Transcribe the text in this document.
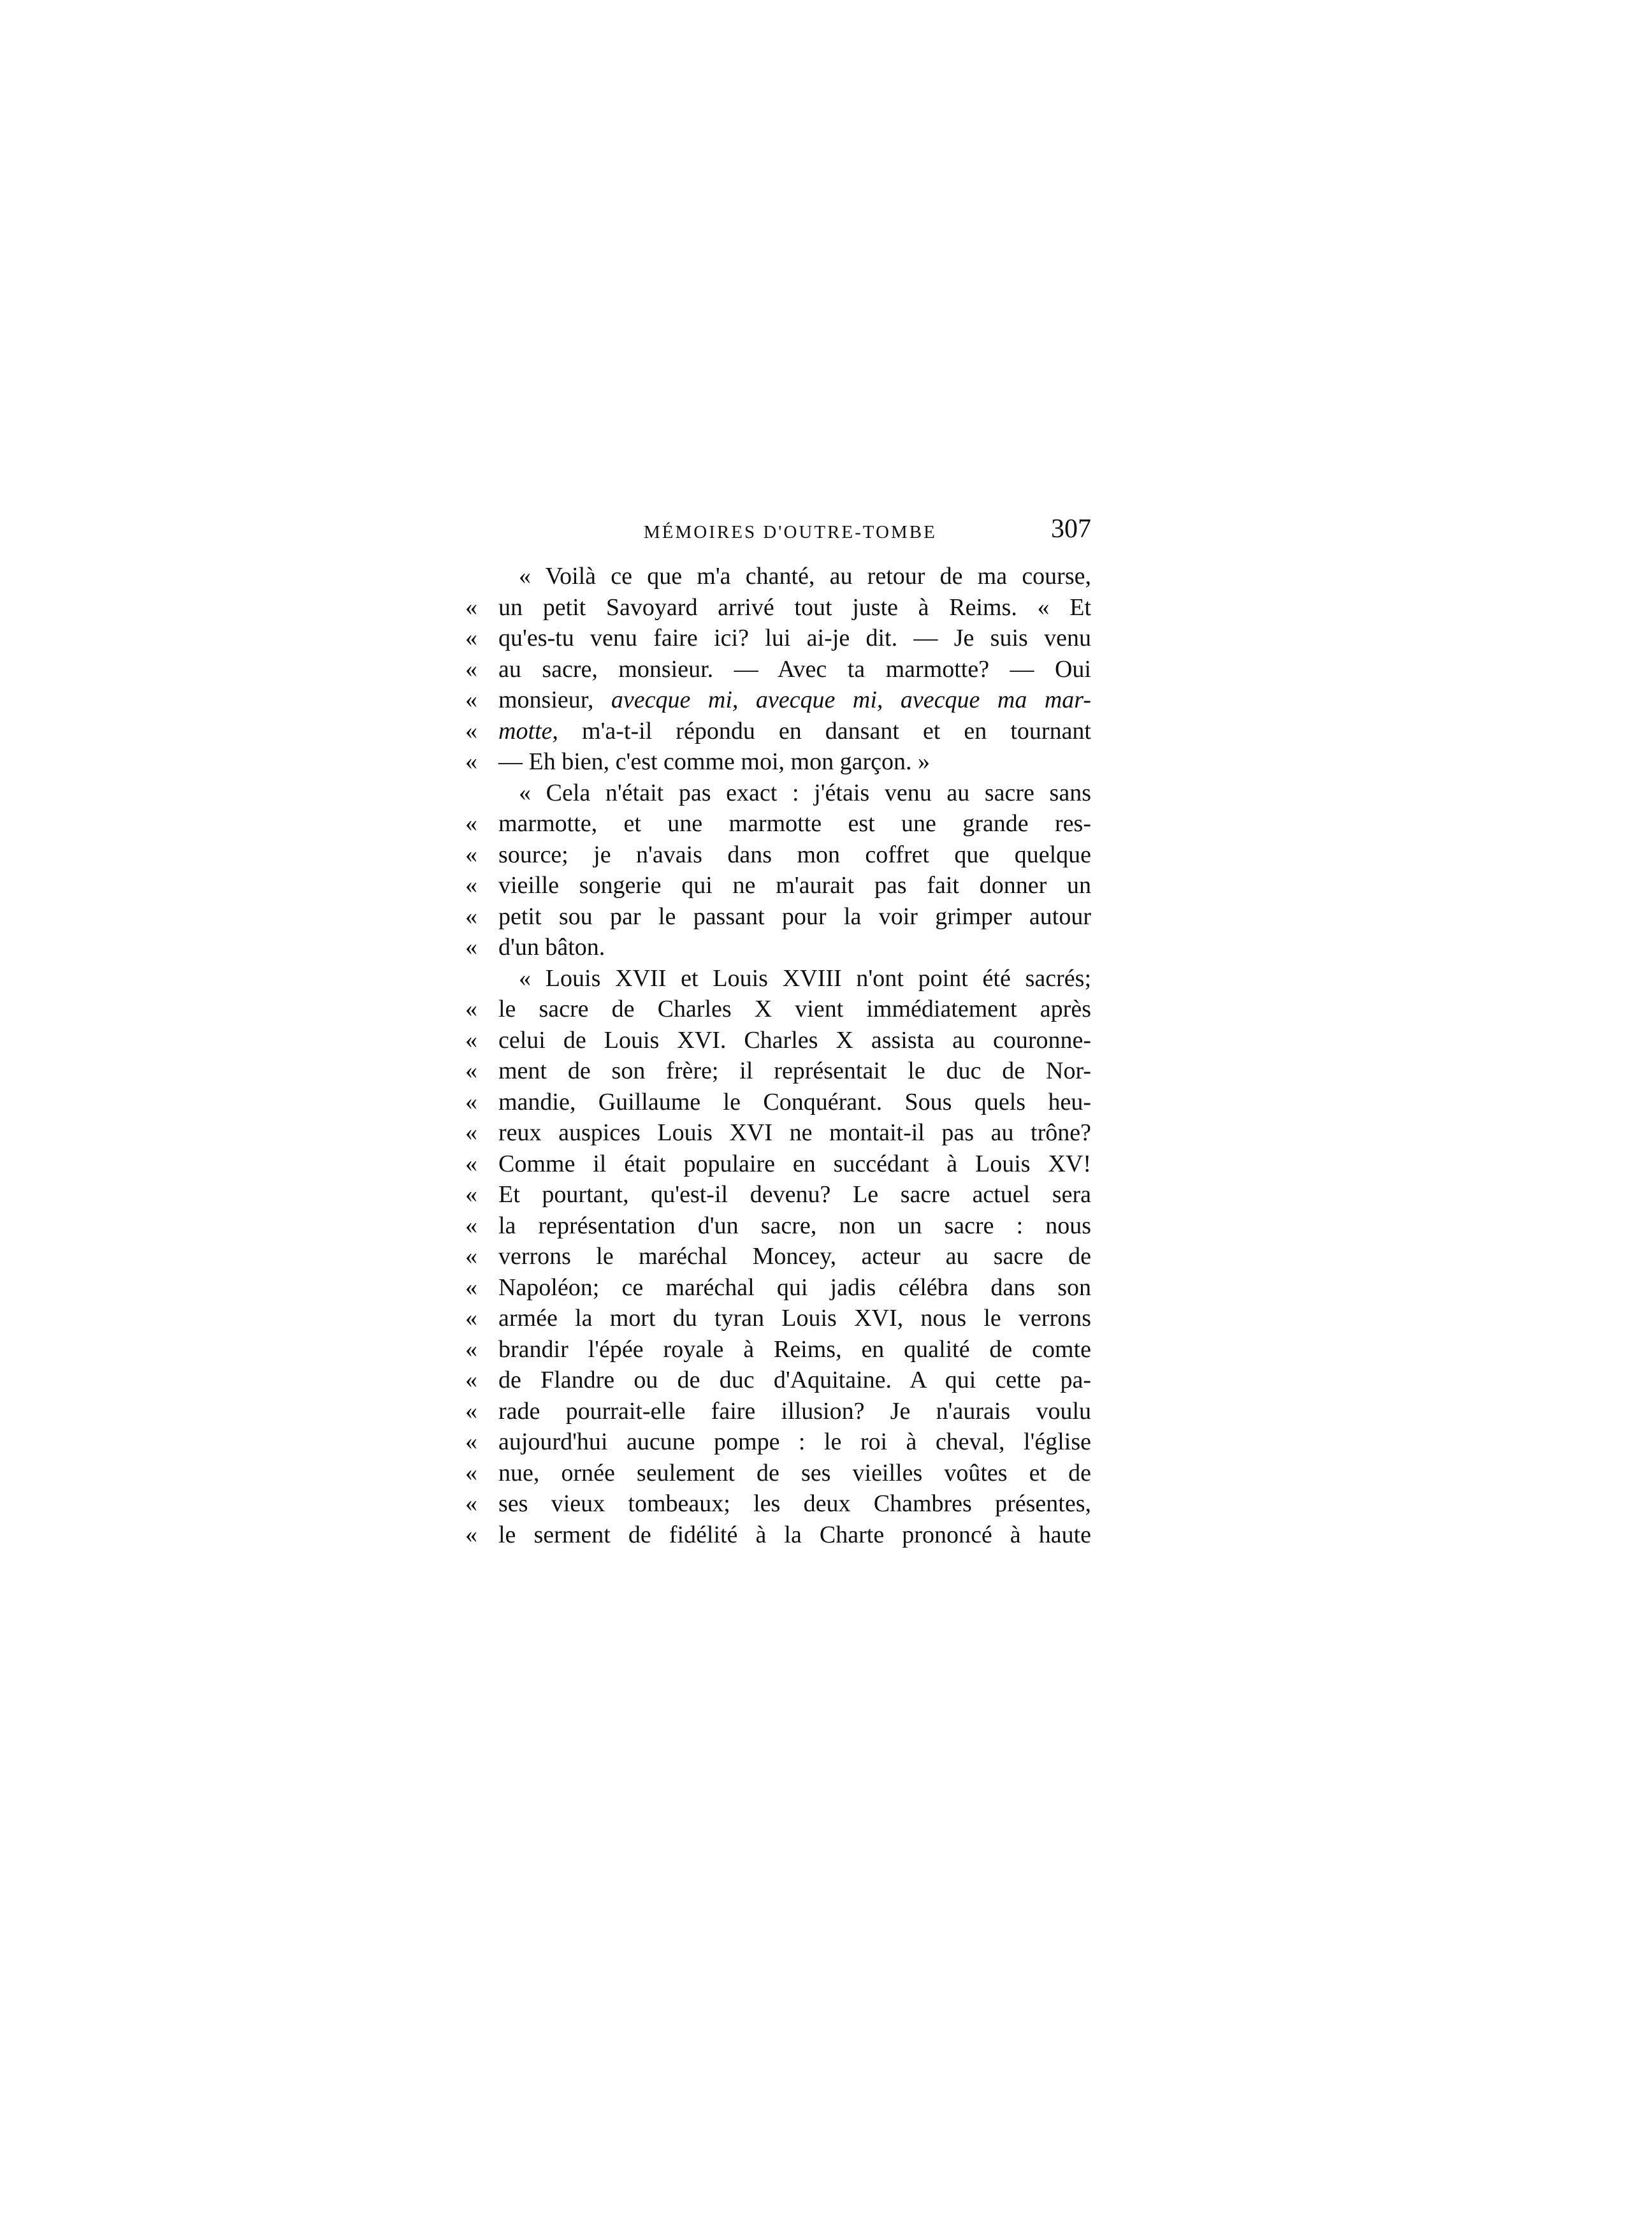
MÉMOIRES D'OUTRE-TOMBE	307
« Voilà ce que m'a chanté, au retour de ma course,
« un petit Savoyard arrivé tout juste à Reims. « Et
« qu'es-tu venu faire ici? lui ai-je dit. — Je suis venu
« au sacre, monsieur. — Avec ta marmotte? — Oui
« monsieur, avecque mi, avecque mi, avecque ma mar-
« motte, m'a-t-il répondu en dansant et en tournant
« — Eh bien, c'est comme moi, mon garçon. »
« Cela n'était pas exact : j'étais venu au sacre sans
« marmotte, et une marmotte est une grande res-
« source; je n'avais dans mon coffret que quelque
« vieille songerie qui ne m'aurait pas fait donner un
« petit sou par le passant pour la voir grimper autour
« d'un bâton.
« Louis XVII et Louis XVIII n'ont point été sacrés;
« le sacre de Charles X vient immédiatement après
« celui de Louis XVI. Charles X assista au couronne-
« ment de son frère; il représentait le duc de Nor-
« mandie, Guillaume le Conquérant. Sous quels heu-
« reux auspices Louis XVI ne montait-il pas au trône?
« Comme il était populaire en succédant à Louis XV!
« Et pourtant, qu'est-il devenu? Le sacre actuel sera
« la représentation d'un sacre, non un sacre : nous
« verrons le maréchal Moncey, acteur au sacre de
« Napoléon; ce maréchal qui jadis célébra dans son
« armée la mort du tyran Louis XVI, nous le verrons
« brandir l'épée royale à Reims, en qualité de comte
« de Flandre ou de duc d'Aquitaine. A qui cette pa-
« rade pourrait-elle faire illusion? Je n'aurais voulu
« aujourd'hui aucune pompe : le roi à cheval, l'église
« nue, ornée seulement de ses vieilles voûtes et de
« ses vieux tombeaux; les deux Chambres présentes,
« le serment de fidélité à la Charte prononcé à haute
